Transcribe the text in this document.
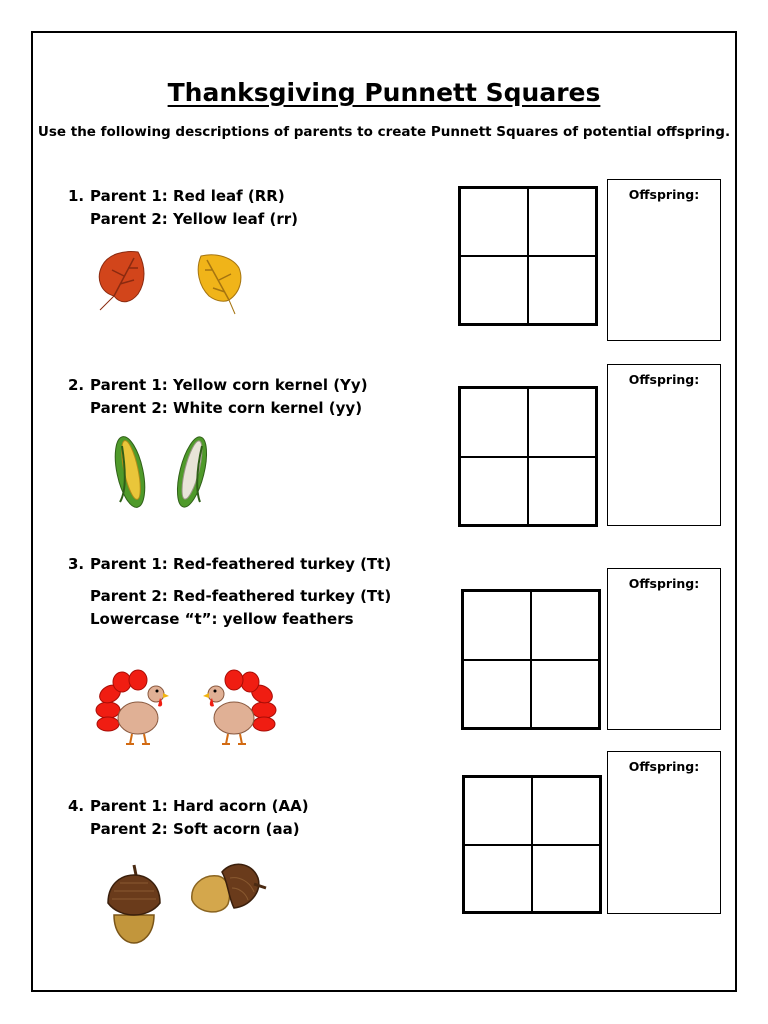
Thanksgiving Punnett Squares
Use the following descriptions of parents to create Punnett Squares of potential offspring.
1. Parent 1: Red leaf (RR)
Parent 2: Yellow leaf (rr)
Offspring:
2. Parent 1: Yellow corn kernel (Yy)
Parent 2: White corn kernel (yy)
Offspring:
3. Parent 1: Red-feathered turkey (Tt)
Parent 2: Red-feathered turkey (Tt)
Lowercase “t”: yellow feathers
Offspring:
4. Parent 1: Hard acorn (AA)
Parent 2: Soft acorn (aa)
Offspring:
